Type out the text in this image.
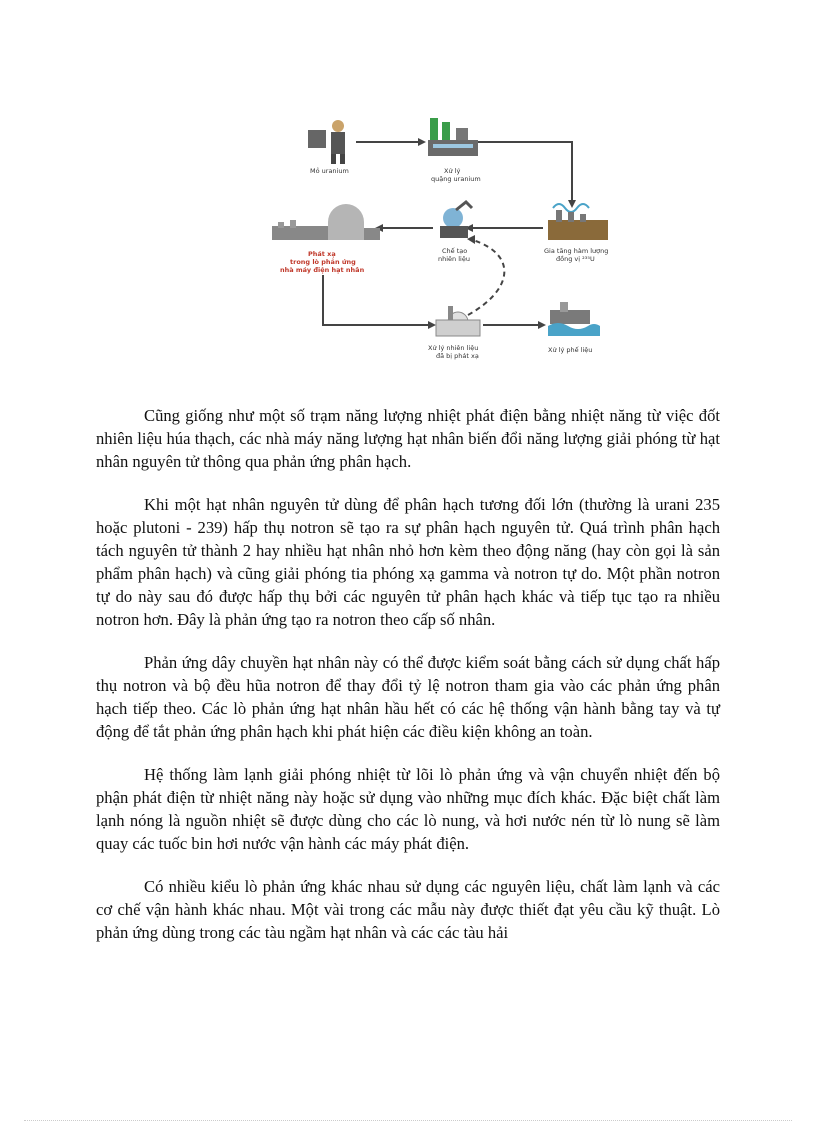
Mỏ uranium	Xử lý
quặng uranium
Gia tăng hàm lượng
đồng vị ²³⁵U
Chế tạo
nhiên liệu
Phát xạ
trong lò phản ứng
nhà máy điện hạt nhân
Xử lý nhiên liệu
đã bị phát xạ
Xử lý phế liệu

Cũng giống như một số trạm năng lượng nhiệt phát điện bằng nhiệt năng từ việc đốt nhiên liệu húa thạch, các nhà máy năng lượng hạt nhân biến đổi năng lượng giải phóng từ hạt nhân nguyên tử thông qua phản ứng phân hạch.

Khi một hạt nhân nguyên tử dùng để phân hạch tương đối lớn (thường là urani 235 hoặc plutoni - 239) hấp thụ notron sẽ tạo ra sự phân hạch nguyên tử. Quá trình phân hạch tách nguyên tử thành 2 hay nhiều hạt nhân nhỏ hơn kèm theo động năng (hay còn gọi là sản phẩm phân hạch) và cũng giải phóng tia phóng xạ gamma và notron tự do. Một phần notron tự do này sau đó được hấp thụ bởi các nguyên tử phân hạch khác và tiếp tục tạo ra nhiều notron hơn. Đây là phản ứng tạo ra notron theo cấp số nhân.

Phản ứng dây chuyền hạt nhân này có thể được kiểm soát bằng cách sử dụng chất hấp thụ notron và bộ đều hũa notron để thay đổi tỷ lệ notron tham gia vào các phản ứng phân hạch tiếp theo. Các lò phản ứng hạt nhân hầu hết có các hệ thống vận hành bằng tay và tự động để tắt phản ứng phân hạch khi phát hiện các điều kiện không an toàn.

Hệ thống làm lạnh giải phóng nhiệt từ lõi lò phản ứng và vận chuyển nhiệt đến bộ phận phát điện từ nhiệt năng này hoặc sử dụng vào những mục đích khác. Đặc biệt chất làm lạnh nóng là nguồn nhiệt sẽ được dùng cho các lò nung, và hơi nước nén từ lò nung sẽ làm quay các tuốc bin hơi nước vận hành các máy phát điện.

Có nhiều kiểu lò phản ứng khác nhau sử dụng các nguyên liệu, chất làm lạnh và các cơ chế vận hành khác nhau. Một vài trong các mẫu này được thiết đạt yêu cầu kỹ thuật. Lò phản ứng dùng trong các tàu ngầm hạt nhân và các các tàu hải
